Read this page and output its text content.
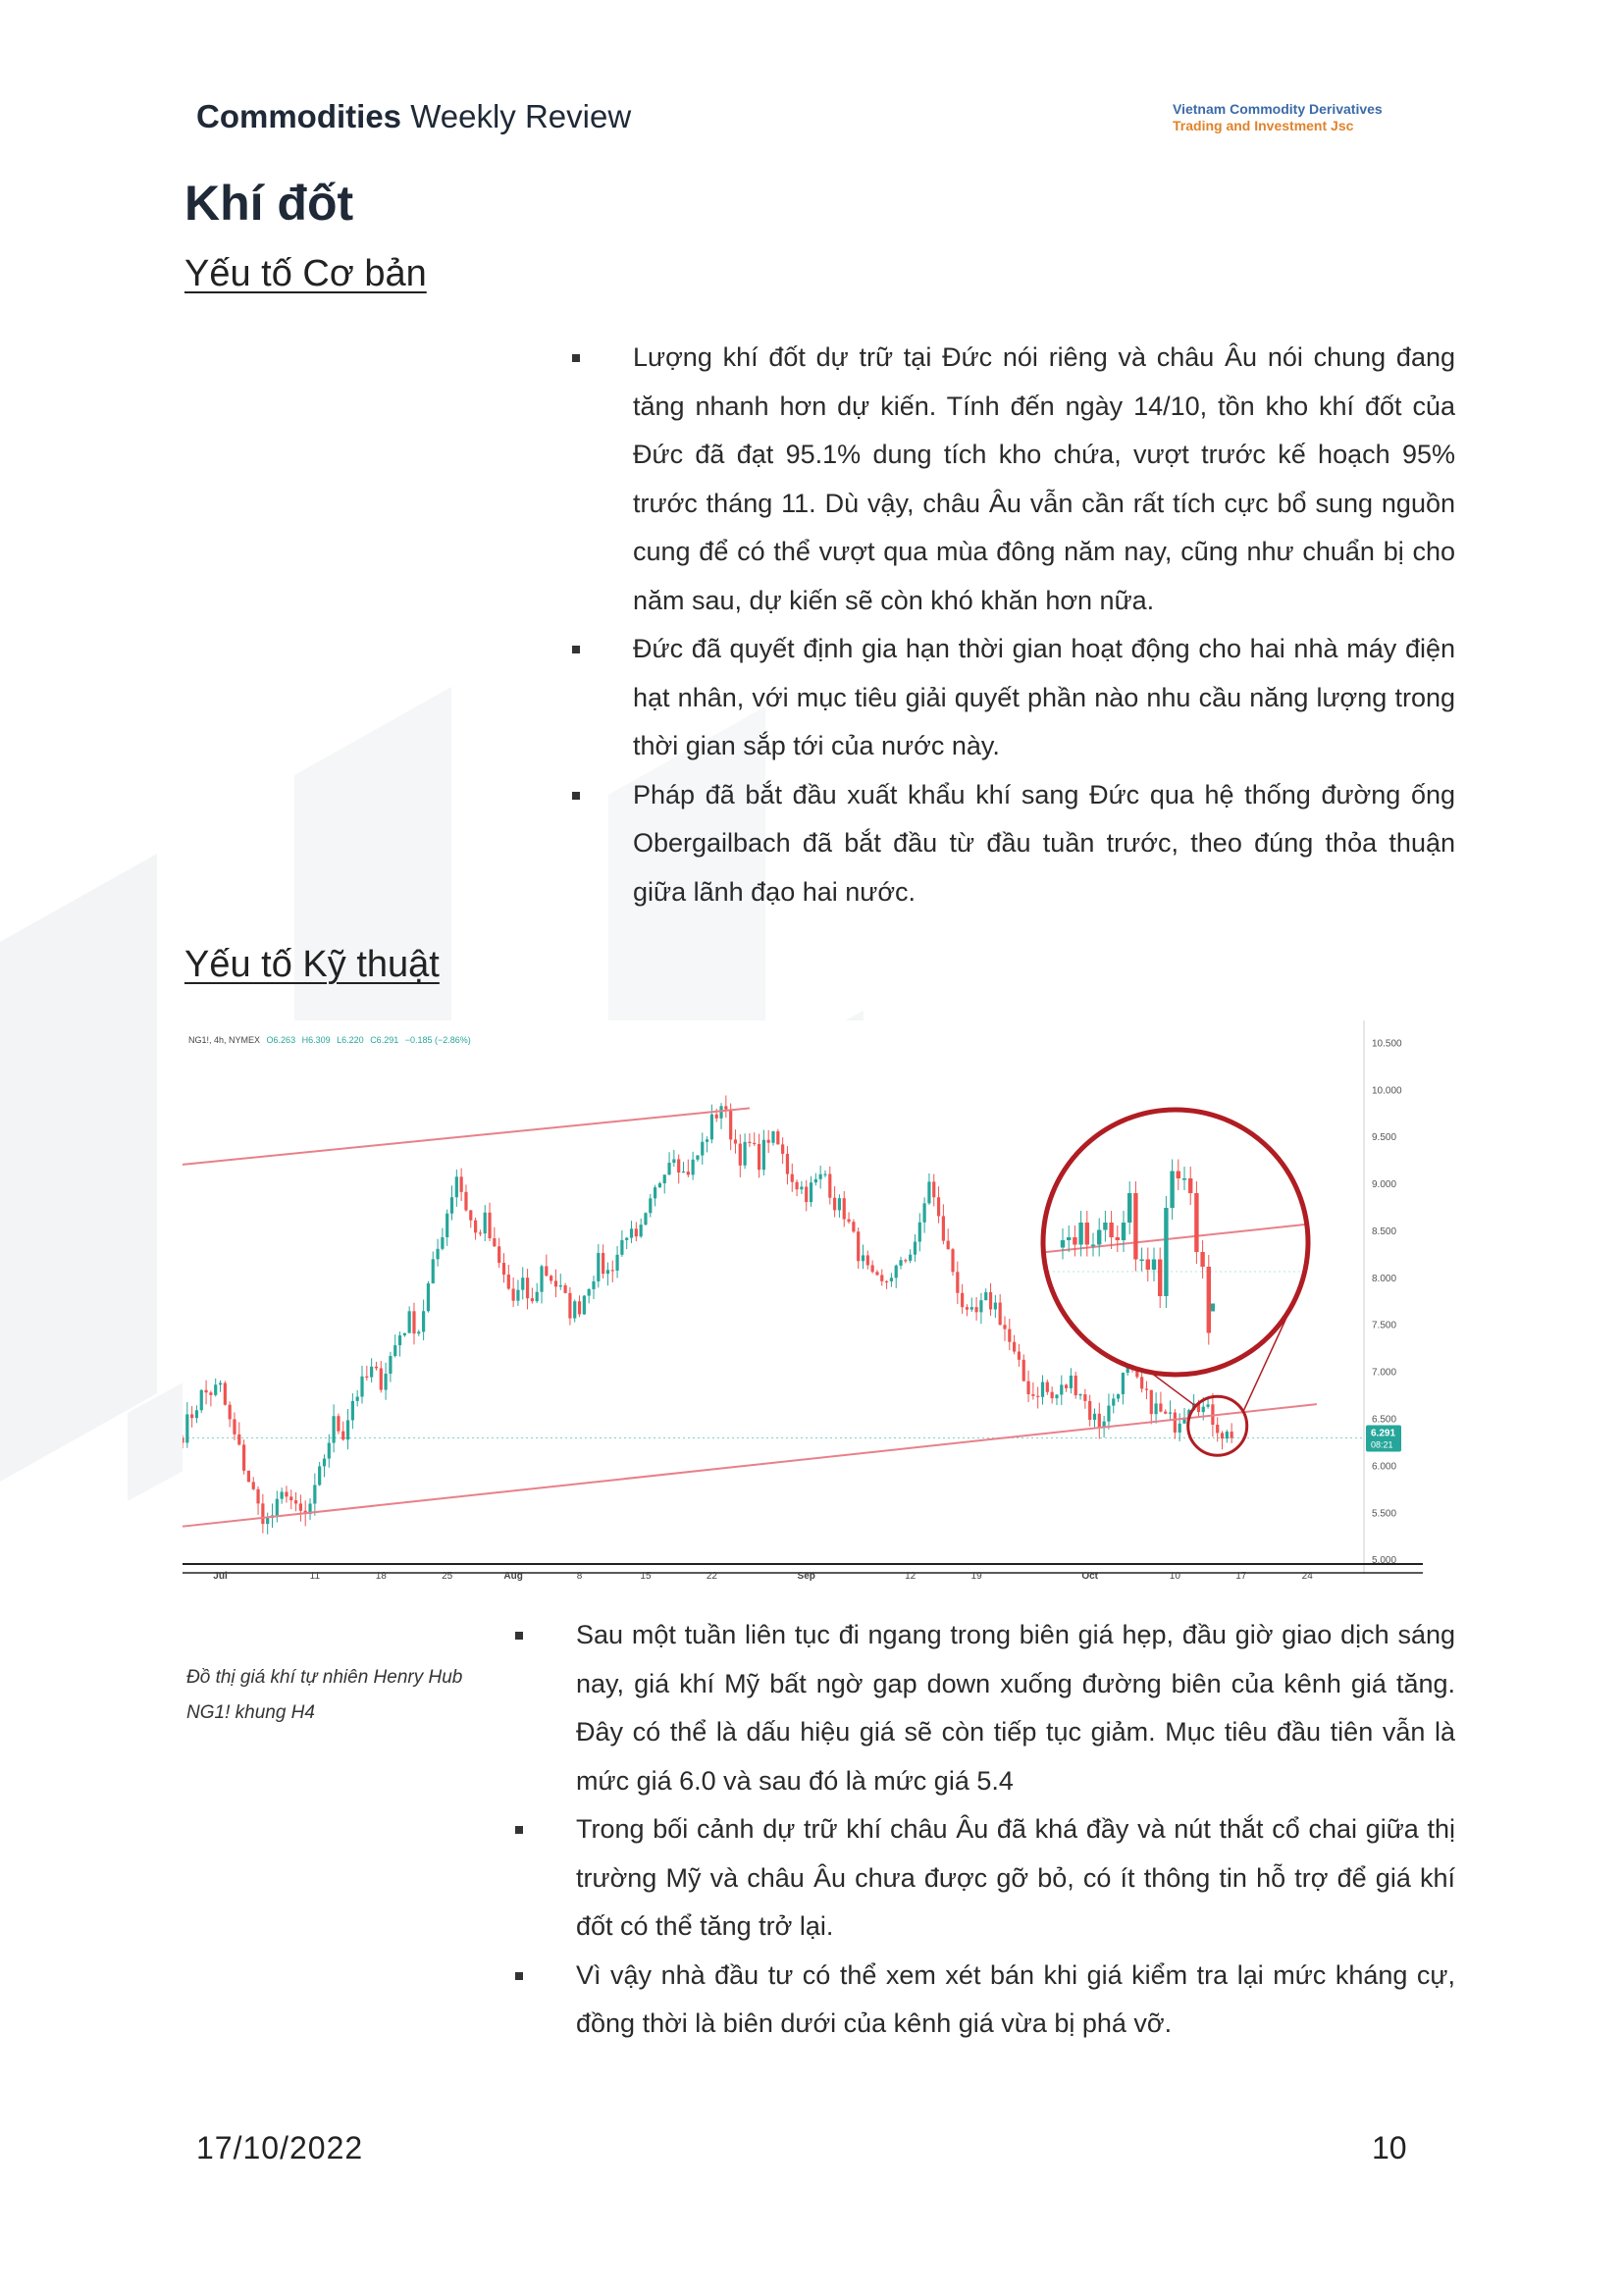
Commodities Weekly Review	Vietnam Commodity Derivatives
Trading and Investment Jsc
Khí đốt
Yếu tố Cơ bản
Lượng khí đốt dự trữ tại Đức nói riêng và châu Âu nói chung đang tăng nhanh hơn dự kiến. Tính đến ngày 14/10, tồn kho khí đốt của Đức đã đạt 95.1% dung tích kho chứa, vượt trước kế hoạch 95% trước tháng 11. Dù vậy, châu Âu vẫn cần rất tích cực bổ sung nguồn cung để có thể vượt qua mùa đông năm nay, cũng như chuẩn bị cho năm sau, dự kiến sẽ còn khó khăn hơn nữa.
Đức đã quyết định gia hạn thời gian hoạt động cho hai nhà máy điện hạt nhân, với mục tiêu giải quyết phần nào nhu cầu năng lượng trong thời gian sắp tới của nước này.
Pháp đã bắt đầu xuất khẩu khí sang Đức qua hệ thống đường ống Obergailbach đã bắt đầu từ đầu tuần trước, theo đúng thỏa thuận giữa lãnh đạo hai nước.
Yếu tố Kỹ thuật
NG1!, 4h, NYMEX O6.263 H6.309 L6.220 C6.291 −0.185 (−2.86%)	10.500
10.000
9.500
9.000
8.500
8.000
7.500
7.000
6.500
6.000
5.500
5.000
Jul	11	18	25	Aug	8	15	22	Sep	12	19	Oct	10	17	24
6.291
08:21
Đồ thị giá khí tự nhiên Henry Hub NG1! khung H4
Sau một tuần liên tục đi ngang trong biên giá hẹp, đầu giờ giao dịch sáng nay, giá khí Mỹ bất ngờ gap down xuống đường biên của kênh giá tăng. Đây có thể là dấu hiệu giá sẽ còn tiếp tục giảm. Mục tiêu đầu tiên vẫn là mức giá 6.0 và sau đó là mức giá 5.4
Trong bối cảnh dự trữ khí châu Âu đã khá đầy và nút thắt cổ chai giữa thị trường Mỹ và châu Âu chưa được gỡ bỏ, có ít thông tin hỗ trợ để giá khí đốt có thể tăng trở lại.
Vì vậy nhà đầu tư có thể xem xét bán khi giá kiểm tra lại mức kháng cự, đồng thời là biên dưới của kênh giá vừa bị phá vỡ.
17/10/2022	10
